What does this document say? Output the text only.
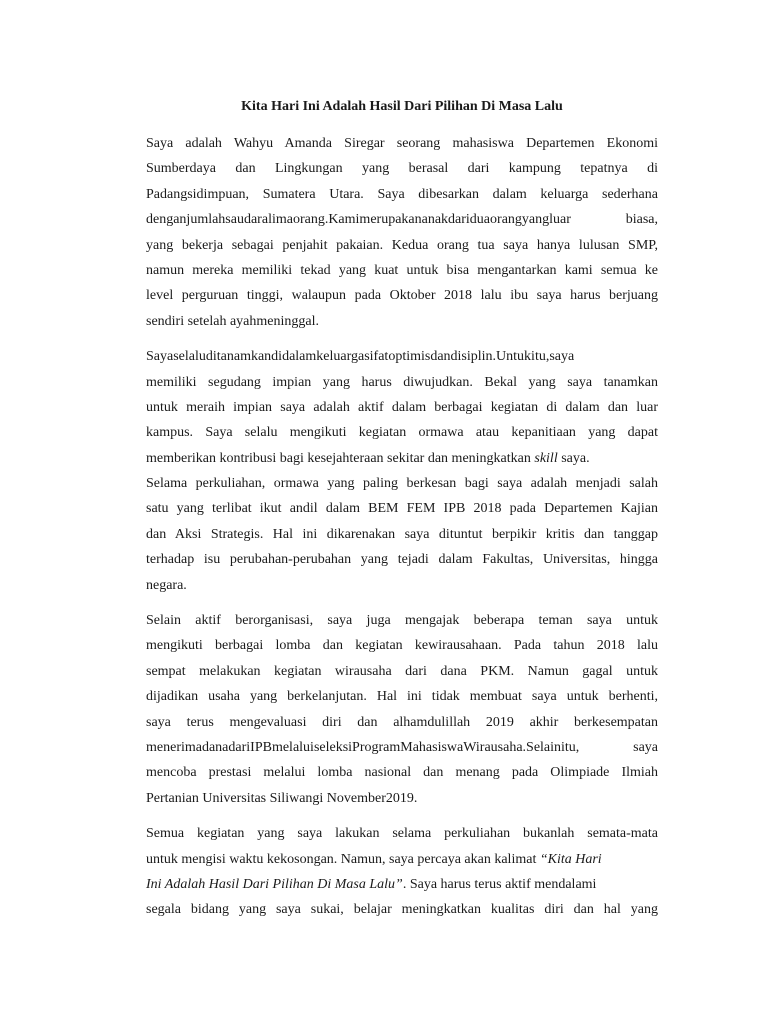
Kita Hari Ini Adalah Hasil Dari Pilihan Di Masa Lalu
Saya adalah Wahyu Amanda Siregar seorang mahasiswa Departemen Ekonomi
Sumberdaya dan Lingkungan yang berasal dari kampung tepatnya di
Padangsidimpuan, Sumatera Utara. Saya dibesarkan dalam keluarga sederhana
denganjumlahsaudaralimaorang.Kamimerupakananakdariduaorangyangluar biasa,
yang bekerja sebagai penjahit pakaian. Kedua orang tua saya hanya lulusan SMP,
namun mereka memiliki tekad yang kuat untuk bisa mengantarkan kami semua ke
level perguruan tinggi, walaupun pada Oktober 2018 lalu ibu saya harus berjuang
sendiri setelah ayahmeninggal.
Sayaselaluditanamkandidalamkeluargasifatoptimisdandisiplin.Untukitu,saya
memiliki segudang impian yang harus diwujudkan. Bekal yang saya tanamkan
untuk meraih impian saya adalah aktif dalam berbagai kegiatan di dalam dan luar
kampus. Saya selalu mengikuti kegiatan ormawa atau kepanitiaan yang dapat
memberikan kontribusi bagi kesejahteraan sekitar dan meningkatkan skill saya.
Selama perkuliahan, ormawa yang paling berkesan bagi saya adalah menjadi salah
satu yang terlibat ikut andil dalam BEM FEM IPB 2018 pada Departemen Kajian
dan Aksi Strategis. Hal ini dikarenakan saya dituntut berpikir kritis dan tanggap
terhadap isu perubahan-perubahan yang tejadi dalam Fakultas, Universitas, hingga
negara.
Selain aktif berorganisasi, saya juga mengajak beberapa teman saya untuk
mengikuti berbagai lomba dan kegiatan kewirausahaan. Pada tahun 2018 lalu
sempat melakukan kegiatan wirausaha dari dana PKM. Namun gagal untuk
dijadikan usaha yang berkelanjutan. Hal ini tidak membuat saya untuk berhenti,
saya terus mengevaluasi diri dan alhamdulillah 2019 akhir berkesempatan
menerimadanadariIPBmelaluiseleksiProgramMahasiswaWirausaha.Selainitu, saya
mencoba prestasi melalui lomba nasional dan menang pada Olimpiade Ilmiah
Pertanian Universitas Siliwangi November2019.
Semua kegiatan yang saya lakukan selama perkuliahan bukanlah semata-mata
untuk mengisi waktu kekosongan. Namun, saya percaya akan kalimat “Kita Hari
Ini Adalah Hasil Dari Pilihan Di Masa Lalu”. Saya harus terus aktif mendalami
segala bidang yang saya sukai, belajar meningkatkan kualitas diri dan hal yang
